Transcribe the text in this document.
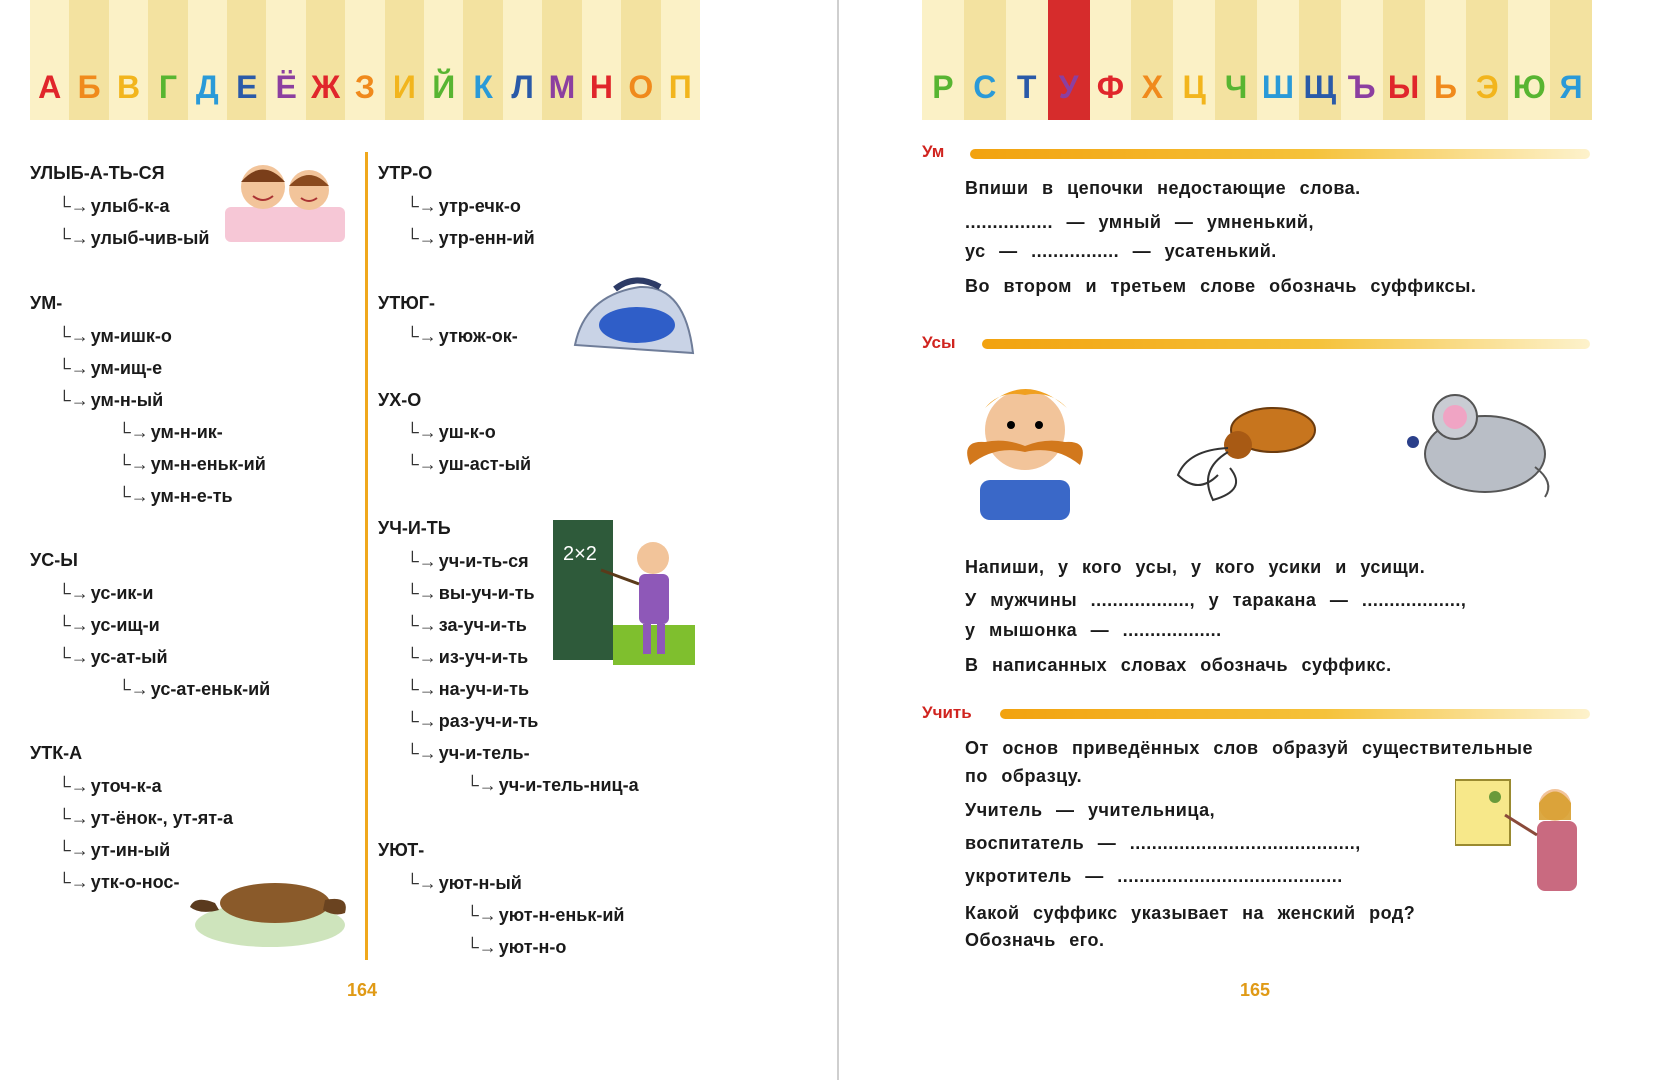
А Б В Г Д Е Ё Ж З И Й К Л М Н О П	Р С Т У Ф Х Ц Ч Ш Щ Ъ Ы Ь Э Ю Я
УЛЫБ-А-ТЬ-СЯ
└→ улыб-к-а
└→ улыб-чив-ый
УМ-
└→ ум-ишк-о
└→ ум-ищ-е
└→ ум-н-ый
└→ ум-н-ик-
└→ ум-н-еньк-ий
└→ ум-н-е-ть
УС-Ы
└→ ус-ик-и
└→ ус-ищ-и
└→ ус-ат-ый
└→ ус-ат-еньк-ий
УТК-А
└→ уточ-к-а
└→ ут-ёнок-, ут-ят-а
└→ ут-ин-ый
└→ утк-о-нос-
УТР-О
└→ утр-ечк-о
└→ утр-енн-ий
УТЮГ-
└→ утюж-ок-
УХ-О
└→ уш-к-о
└→ уш-аст-ый
УЧ-И-ТЬ
└→ уч-и-ть-ся
└→ вы-уч-и-ть
└→ за-уч-и-ть
└→ из-уч-и-ть
└→ на-уч-и-ть
└→ раз-уч-и-ть
└→ уч-и-тель-
└→ уч-и-тель-ниц-а
УЮТ-
└→ уют-н-ый
└→ уют-н-еньк-ий
└→ уют-н-о
2×2
164
Ум
Впиши в цепочки недостающие слова.
................ — умный — умненький,
ус — ................ — усатенький.
Во втором и третьем слове обозначь суффиксы.
Усы
Напиши, у кого усы, у кого усики и усищи.
У мужчины .................., у таракана — ..................,
у мышонка — ..................
В написанных словах обозначь суффикс.
Учить
От основ приведённых слов образуй существительные
по образцу.
Учитель — учительница,
воспитатель — .........................................,
укротитель — .........................................
Какой суффикс указывает на женский род?
Обозначь его.
165
